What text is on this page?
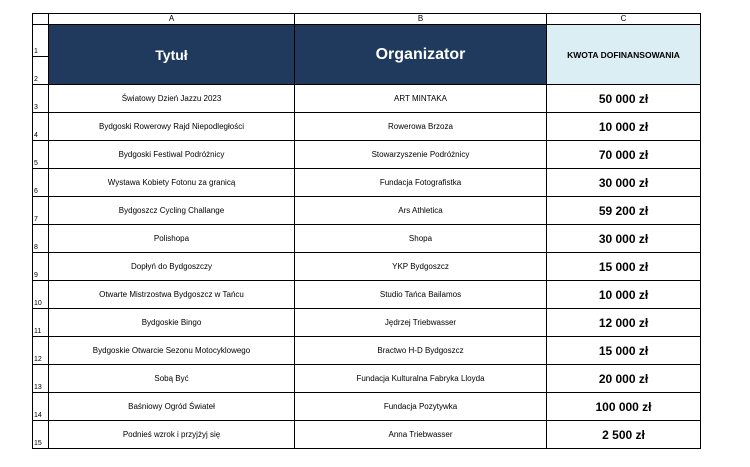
	A	B	C
1	Tytuł	Organizator	KWOTA DOFINANSOWANIA
2			
3	Światowy Dzień Jazzu 2023	ART MINTAKA	50 000 zł
4	Bydgoski Rowerowy Rajd Niepodległości	Rowerowa Brzoza	10 000 zł
5	Bydgoski Festiwal Podróżnicy	Stowarzyszenie Podróżnicy	70 000 zł
6	Wystawa Kobiety Fotonu za granicą	Fundacja Fotografistka	30 000 zł
7	Bydgoszcz Cycling Challange	Ars Athletica	59 200 zł
8	Polishopa	Shopa	30 000 zł
9	Dopłyń do Bydgoszczy	YKP Bydgoszcz	15 000 zł
10	Otwarte Mistrzostwa Bydgoszcz w Tańcu	Studio Tańca Bailamos	10 000 zł
11	Bydgoskie Bingo	Jędrzej Triebwasser	12 000 zł
12	Bydgoskie Otwarcie Sezonu Motocyklowego	Bractwo H-D Bydgoszcz	15 000 zł
13	Sobą Być	Fundacja Kulturalna Fabryka Lloyda	20 000 zł
14	Baśniowy Ogród Świateł	Fundacja Pozytywka	100 000 zł
15	Podnieś wzrok i przyjżyj się	Anna Triebwasser	2 500 zł
